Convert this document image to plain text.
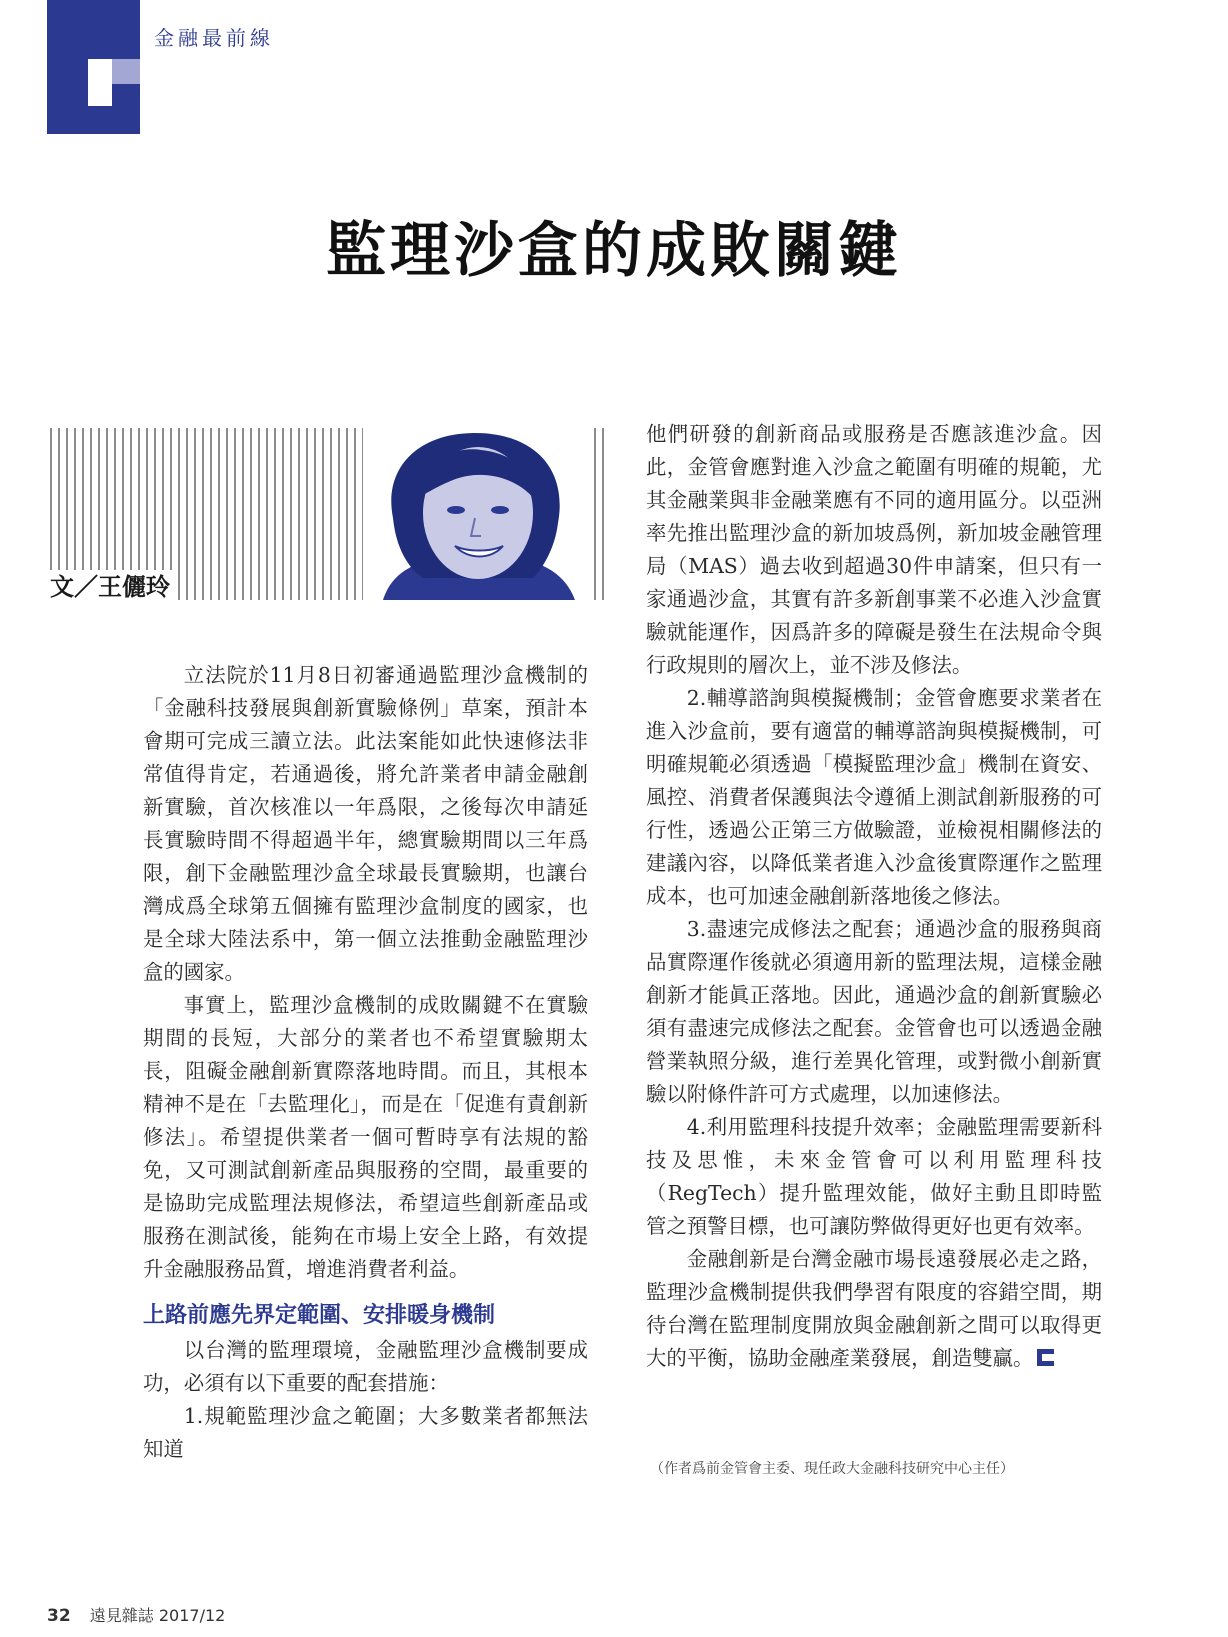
金融最前線
監理沙盒的成敗關鍵
文／王儷玲

立法院於11月8日初審通過監理沙盒機制的「金融科技發展與創新實驗條例」草案，預計本會期可完成三讀立法。此法案能如此快速修法非常值得肯定，若通過後，將允許業者申請金融創新實驗，首次核准以一年爲限，之後每次申請延長實驗時間不得超過半年，總實驗期間以三年爲限，創下金融監理沙盒全球最長實驗期，也讓台灣成爲全球第五個擁有監理沙盒制度的國家，也是全球大陸法系中，第一個立法推動金融監理沙盒的國家。

事實上，監理沙盒機制的成敗關鍵不在實驗期間的長短，大部分的業者也不希望實驗期太長，阻礙金融創新實際落地時間。而且，其根本精神不是在「去監理化」，而是在「促進有責創新修法」。希望提供業者一個可暫時享有法規的豁免，又可測試創新產品與服務的空間，最重要的是協助完成監理法規修法，希望這些創新產品或服務在測試後，能夠在市場上安全上路，有效提升金融服務品質，增進消費者利益。

上路前應先界定範圍、安排暖身機制

以台灣的監理環境，金融監理沙盒機制要成功，必須有以下重要的配套措施：

1.規範監理沙盒之範圍；大多數業者都無法知道

他們研發的創新商品或服務是否應該進沙盒。因此，金管會應對進入沙盒之範圍有明確的規範，尤其金融業與非金融業應有不同的適用區分。以亞洲率先推出監理沙盒的新加坡爲例，新加坡金融管理局（MAS）過去收到超過30件申請案，但只有一家通過沙盒，其實有許多新創事業不必進入沙盒實驗就能運作，因爲許多的障礙是發生在法規命令與行政規則的層次上，並不涉及修法。

2.輔導諮詢與模擬機制；金管會應要求業者在進入沙盒前，要有適當的輔導諮詢與模擬機制，可明確規範必須透過「模擬監理沙盒」機制在資安、風控、消費者保護與法令遵循上測試創新服務的可行性，透過公正第三方做驗證，並檢視相關修法的建議內容，以降低業者進入沙盒後實際運作之監理成本，也可加速金融創新落地後之修法。

3.盡速完成修法之配套；通過沙盒的服務與商品實際運作後就必須適用新的監理法規，這樣金融創新才能眞正落地。因此，通過沙盒的創新實驗必須有盡速完成修法之配套。金管會也可以透過金融營業執照分級，進行差異化管理，或對微小創新實驗以附條件許可方式處理，以加速修法。

4.利用監理科技提升效率；金融監理需要新科技及思惟，未來金管會可以利用監理科技（RegTech）提升監理效能，做好主動且即時監管之預警目標，也可讓防弊做得更好也更有效率。

金融創新是台灣金融市場長遠發展必走之路，監理沙盒機制提供我們學習有限度的容錯空間，期待台灣在監理制度開放與金融創新之間可以取得更大的平衡，協助金融產業發展，創造雙贏。

（作者爲前金管會主委、現任政大金融科技研究中心主任）
32 遠見雜誌 2017/12
